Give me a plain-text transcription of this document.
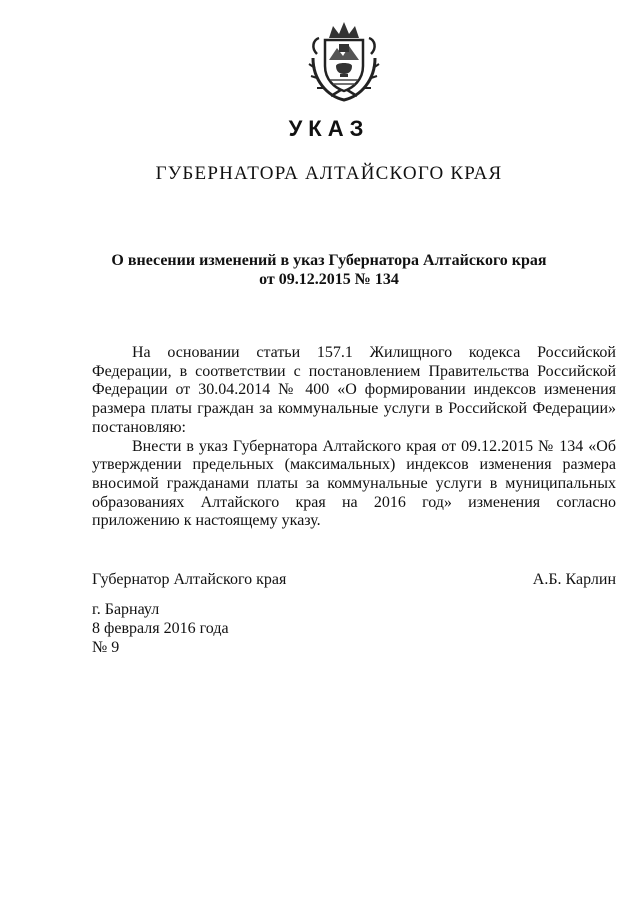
УКАЗ
ГУБЕРНАТОРА АЛТАЙСКОГО КРАЯ
О внесении изменений в указ Губернатора Алтайского края
от 09.12.2015 № 134

На основании статьи 157.1 Жилищного кодекса Российской Федерации, в соответствии с постановлением Правительства Российской Федерации от 30.04.2014 № 400 «О формировании индексов изменения размера платы граждан за коммунальные услуги в Российской Федерации» постановляю:

Внести в указ Губернатора Алтайского края от 09.12.2015 № 134 «Об утверждении предельных (максимальных) индексов изменения размера вносимой гражданами платы за коммунальные услуги в муниципальных образованиях Алтайского края на 2016 год» изменения согласно приложению к настоящему указу.

Губернатор Алтайского края	А.Б. Карлин
г. Барнаул
8 февраля 2016 года
№ 9
